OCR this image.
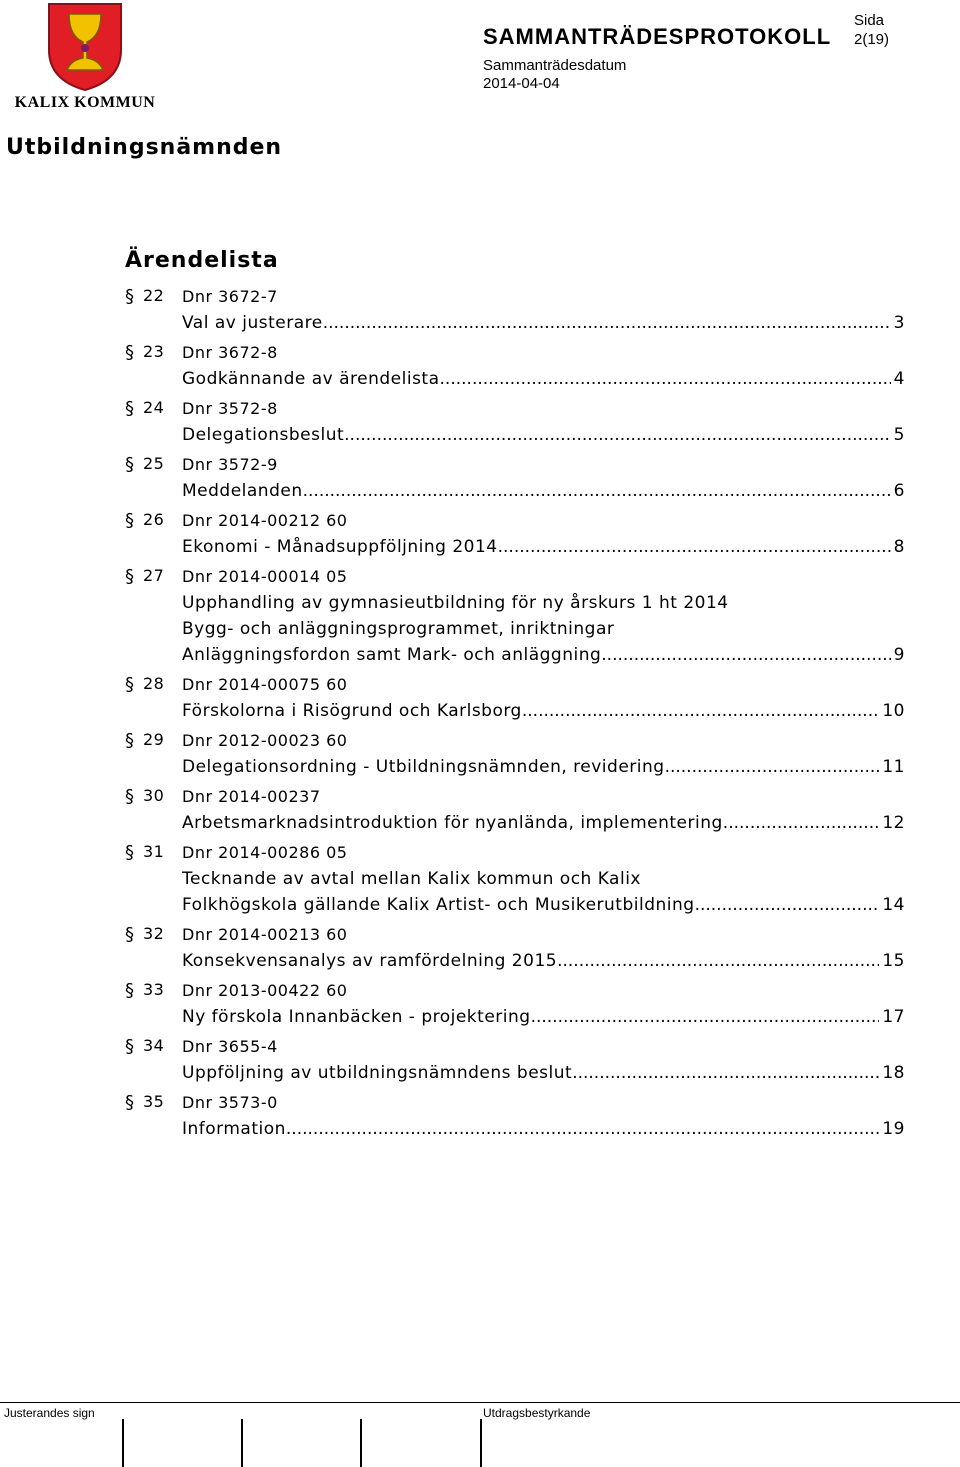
KALIX KOMMUN
SAMMANTRÄDESPROTOKOLL
Sida
2(19)
Sammanträdesdatum
2014-04-04
Utbildningsnämnden
Ärendelista
§ 22 Dnr 3672-7
Val av justerare .....	3
§ 23 Dnr 3672-8
Godkännande av ärendelista .....	4
§ 24 Dnr 3572-8
Delegationsbeslut .....	5
§ 25 Dnr 3572-9
Meddelanden .....	6
§ 26 Dnr 2014-00212 60
Ekonomi - Månadsuppföljning 2014 .....	8
§ 27 Dnr 2014-00014 05
Upphandling av gymnasieutbildning för ny årskurs 1 ht 2014
Bygg- och anläggningsprogrammet, inriktningar
Anläggningsfordon samt Mark- och anläggning .....	9
§ 28 Dnr 2014-00075 60
Förskolorna i Risögrund och Karlsborg .....	10
§ 29 Dnr 2012-00023 60
Delegationsordning - Utbildningsnämnden, revidering .....	11
§ 30 Dnr 2014-00237
Arbetsmarknadsintroduktion för nyanlända, implementering .....	12
§ 31 Dnr 2014-00286 05
Tecknande av avtal mellan Kalix kommun och Kalix
Folkhögskola gällande Kalix Artist- och Musikerutbildning .....	14
§ 32 Dnr 2014-00213 60
Konsekvensanalys av ramfördelning 2015 .....	15
§ 33 Dnr 2013-00422 60
Ny förskola Innanbäcken - projektering .....	17
§ 34 Dnr 3655-4
Uppföljning av utbildningsnämndens beslut .....	18
§ 35 Dnr 3573-0
Information .....	19
Justerandes sign	Utdragsbestyrkande
